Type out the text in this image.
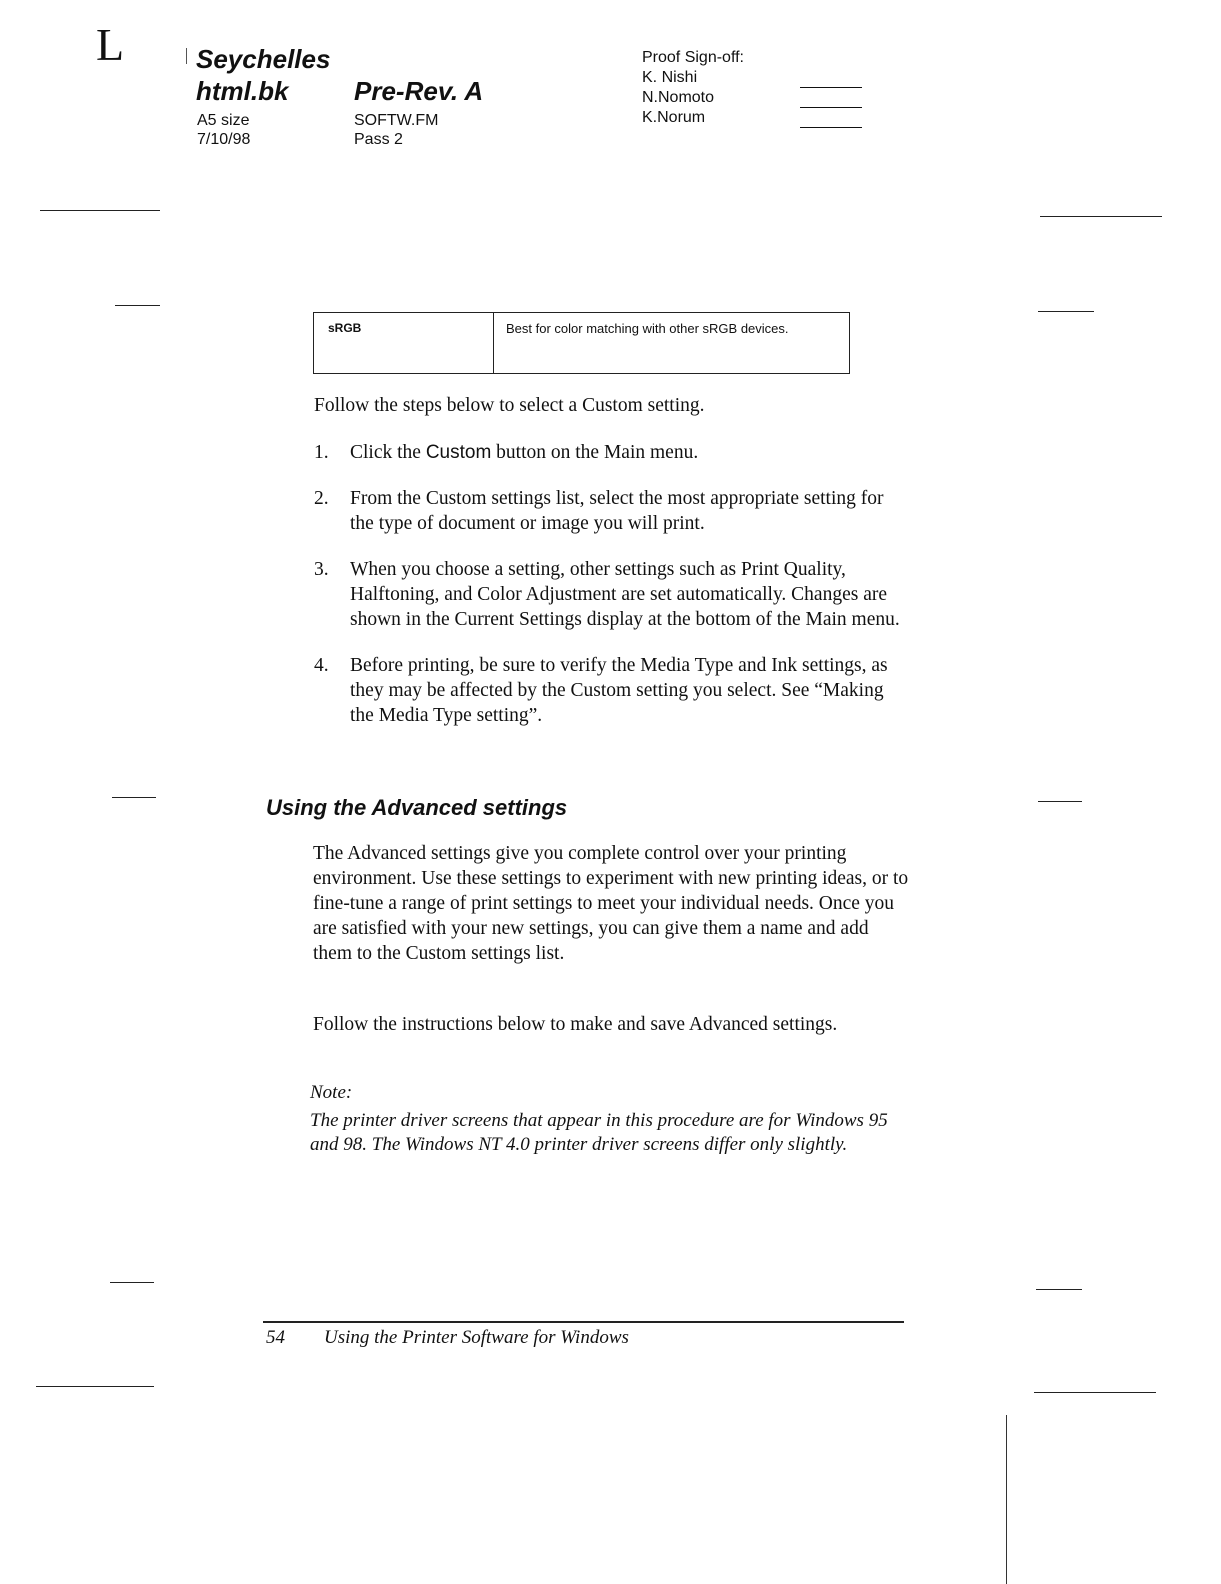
L	Seychelles
html.bk	Pre-Rev. A
A5 size
7/10/98
SOFTW.FM
Pass 2
Proof Sign-off:
K. Nishi
N.Nomoto
K.Norum
sRGB	Best for color matching with other sRGB devices.
Follow the steps below to select a Custom setting.
1. Click the Custom button on the Main menu.
2. From the Custom settings list, select the most appropriate setting for the type of document or image you will print.
3. When you choose a setting, other settings such as Print Quality, Halftoning, and Color Adjustment are set automatically. Changes are shown in the Current Settings display at the bottom of the Main menu.
4. Before printing, be sure to verify the Media Type and Ink settings, as they may be affected by the Custom setting you select. See “Making the Media Type setting”.
Using the Advanced settings
The Advanced settings give you complete control over your printing environment. Use these settings to experiment with new printing ideas, or to fine-tune a range of print settings to meet your individual needs. Once you are satisfied with your new settings, you can give them a name and add them to the Custom settings list.
Follow the instructions below to make and save Advanced settings.
Note:
The printer driver screens that appear in this procedure are for Windows 95 and 98. The Windows NT 4.0 printer driver screens differ only slightly.
54 Using the Printer Software for Windows
